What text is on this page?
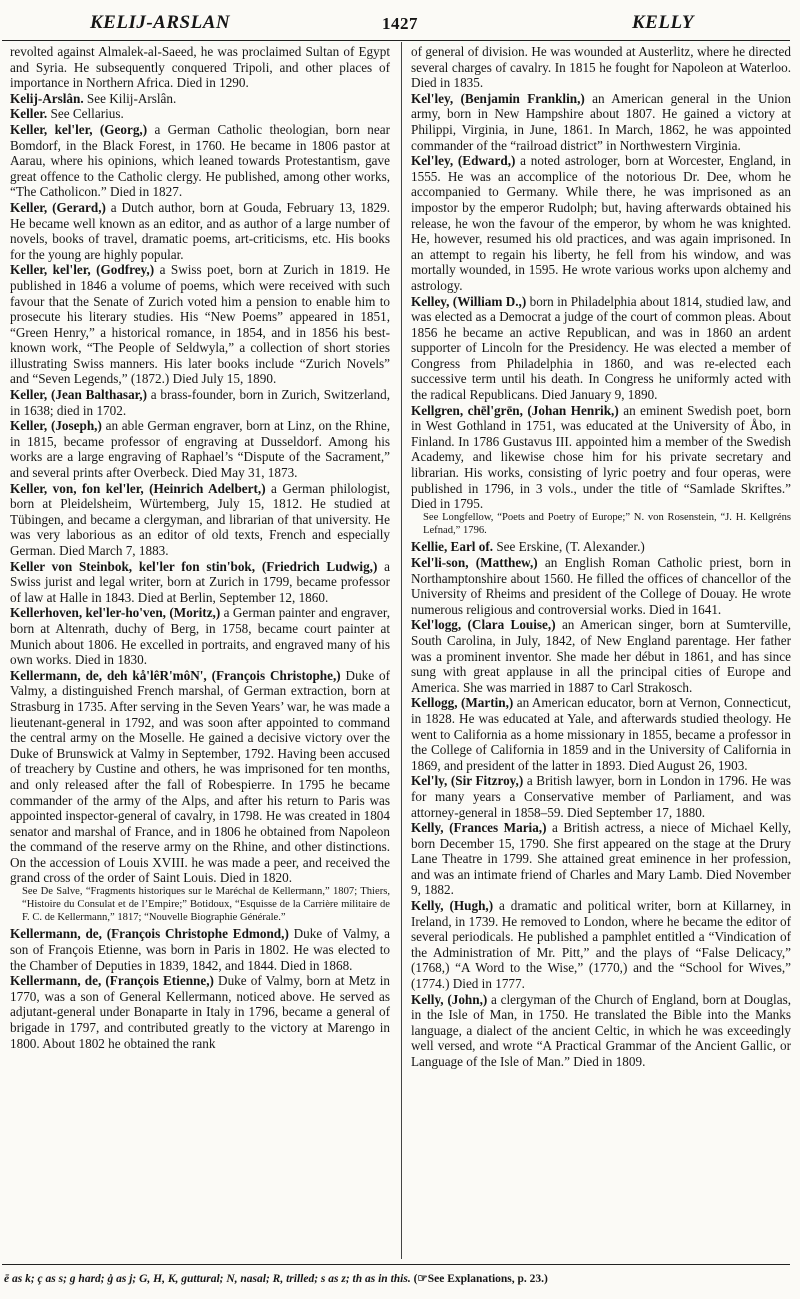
KELIJ-ARSLAN	1427	KELLY

revolted against Almalek-al-Saeed, he was proclaimed Sultan of Egypt and Syria. He subsequently conquered Tripoli, and other places of importance in Northern Africa. Died in 1290.

Kelij-Arslân. See Kilij-Arslân.

Keller. See Cellarius.

Keller, kel'ler, (Georg,) a German Catholic theologian, born near Bomdorf, in the Black Forest, in 1760. He became in 1806 pastor at Aarau, where his opinions, which leaned towards Protestantism, gave great offence to the Catholic clergy. He published, among other works, “The Catholicon.” Died in 1827.

Keller, (Gerard,) a Dutch author, born at Gouda, February 13, 1829. He became well known as an editor, and as author of a large number of novels, books of travel, dramatic poems, art-criticisms, etc. His books for the young are highly popular.

Keller, kel'ler, (Godfrey,) a Swiss poet, born at Zurich in 1819. He published in 1846 a volume of poems, which were received with such favour that the Senate of Zurich voted him a pension to enable him to prosecute his literary studies. His “New Poems” appeared in 1851, “Green Henry,” a historical romance, in 1854, and in 1856 his best-known work, “The People of Seldwyla,” a collection of short stories illustrating Swiss manners. His later books include “Zurich Novels” and “Seven Legends,” (1872.) Died July 15, 1890.

Keller, (Jean Balthasar,) a brass-founder, born in Zurich, Switzerland, in 1638; died in 1702.

Keller, (Joseph,) an able German engraver, born at Linz, on the Rhine, in 1815, became professor of engraving at Dusseldorf. Among his works are a large engraving of Raphael’s “Dispute of the Sacrament,” and several prints after Overbeck. Died May 31, 1873.

Keller, von, fon kel'ler, (Heinrich Adelbert,) a German philologist, born at Pleidelsheim, Würtemberg, July 15, 1812. He studied at Tübingen, and became a clergyman, and librarian of that university. He was very laborious as an editor of old texts, French and especially German. Died March 7, 1883.

Keller von Steinbok, kel'ler fon stin'bok, (Friedrich Ludwig,) a Swiss jurist and legal writer, born at Zurich in 1799, became professor of law at Halle in 1843. Died at Berlin, September 12, 1860.

Kellerhoven, kel'ler-ho'ven, (Moritz,) a German painter and engraver, born at Altenrath, duchy of Berg, in 1758, became court painter at Munich about 1806. He excelled in portraits, and engraved many of his own works. Died in 1830.

Kellermann, de, deh kå'lêR'môN', (François Christophe,) Duke of Valmy, a distinguished French marshal, of German extraction, born at Strasburg in 1735. After serving in the Seven Years’ war, he was made a lieutenant-general in 1792, and was soon after appointed to command the central army on the Moselle. He gained a decisive victory over the Duke of Brunswick at Valmy in September, 1792. Having been accused of treachery by Custine and others, he was imprisoned for ten months, and only released after the fall of Robespierre. In 1795 he became commander of the army of the Alps, and after his return to Paris was appointed inspector-general of cavalry, in 1798. He was created in 1804 senator and marshal of France, and in 1806 he obtained from Napoleon the command of the reserve army on the Rhine, and other distinctions. On the accession of Louis XVIII. he was made a peer, and received the grand cross of the order of Saint Louis. Died in 1820.

See De Salve, “Fragments historiques sur le Maréchal de Kellermann,” 1807; Thiers, “Histoire du Consulat et de l’Empire;” Botidoux, “Esquisse de la Carrière militaire de F. C. de Kellermann,” 1817; “Nouvelle Biographie Générale.”

Kellermann, de, (François Christophe Edmond,) Duke of Valmy, a son of François Etienne, was born in Paris in 1802. He was elected to the Chamber of Deputies in 1839, 1842, and 1844. Died in 1868.

Kellermann, de, (François Etienne,) Duke of Valmy, born at Metz in 1770, was a son of General Kellermann, noticed above. He served as adjutant-general under Bonaparte in Italy in 1796, became a general of brigade in 1797, and contributed greatly to the victory at Marengo in 1800. About 1802 he obtained the rank

of general of division. He was wounded at Austerlitz, where he directed several charges of cavalry. In 1815 he fought for Napoleon at Waterloo. Died in 1835.

Kel'ley, (Benjamin Franklin,) an American general in the Union army, born in New Hampshire about 1807. He gained a victory at Philippi, Virginia, in June, 1861. In March, 1862, he was appointed commander of the “railroad district” in Northwestern Virginia.

Kel'ley, (Edward,) a noted astrologer, born at Worcester, England, in 1555. He was an accomplice of the notorious Dr. Dee, whom he accompanied to Germany. While there, he was imprisoned as an impostor by the emperor Rudolph; but, having afterwards obtained his release, he won the favour of the emperor, by whom he was knighted. He, however, resumed his old practices, and was again imprisoned. In an attempt to regain his liberty, he fell from his window, and was mortally wounded, in 1595. He wrote various works upon alchemy and astrology.

Kelley, (William D.,) born in Philadelphia about 1814, studied law, and was elected as a Democrat a judge of the court of common pleas. About 1856 he became an active Republican, and was in 1860 an ardent supporter of Lincoln for the Presidency. He was elected a member of Congress from Philadelphia in 1860, and was re-elected each successive term until his death. In Congress he uniformly acted with the radical Republicans. Died January 9, 1890.

Kellgren, chēl'grēn, (Johan Henrik,) an eminent Swedish poet, born in West Gothland in 1751, was educated at the University of Åbo, in Finland. In 1786 Gustavus III. appointed him a member of the Swedish Academy, and likewise chose him for his private secretary and librarian. His works, consisting of lyric poetry and four operas, were published in 1796, in 3 vols., under the title of “Samlade Skriftes.” Died in 1795.

See Longfellow, “Poets and Poetry of Europe;” N. von Rosenstein, “J. H. Kellgréns Lefnad,” 1796.

Kellie, Earl of. See Erskine, (T. Alexander.)

Kel'li-son, (Matthew,) an English Roman Catholic priest, born in Northamptonshire about 1560. He filled the offices of chancellor of the University of Rheims and president of the College of Douay. He wrote numerous religious and controversial works. Died in 1641.

Kel'logg, (Clara Louise,) an American singer, born at Sumterville, South Carolina, in July, 1842, of New England parentage. Her father was a prominent inventor. She made her début in 1861, and has since sung with great applause in all the principal cities of Europe and America. She was married in 1887 to Carl Strakosch.

Kellogg, (Martin,) an American educator, born at Vernon, Connecticut, in 1828. He was educated at Yale, and afterwards studied theology. He went to California as a home missionary in 1855, became a professor in the College of California in 1859 and in the University of California in 1869, and president of the latter in 1893. Died August 26, 1903.

Kel'ly, (Sir Fitzroy,) a British lawyer, born in London in 1796. He was for many years a Conservative member of Parliament, and was attorney-general in 1858–59. Died September 17, 1880.

Kelly, (Frances Maria,) a British actress, a niece of Michael Kelly, born December 15, 1790. She first appeared on the stage at the Drury Lane Theatre in 1799. She attained great eminence in her profession, and was an intimate friend of Charles and Mary Lamb. Died November 9, 1882.

Kelly, (Hugh,) a dramatic and political writer, born at Killarney, in Ireland, in 1739. He removed to London, where he became the editor of several periodicals. He published a pamphlet entitled a “Vindication of the Administration of Mr. Pitt,” and the plays of “False Delicacy,” (1768,) “A Word to the Wise,” (1770,) and the “School for Wives,” (1774.) Died in 1777.

Kelly, (John,) a clergyman of the Church of England, born at Douglas, in the Isle of Man, in 1750. He translated the Bible into the Manks language, a dialect of the ancient Celtic, in which he was exceedingly well versed, and wrote “A Practical Grammar of the Ancient Gallic, or Language of the Isle of Man.” Died in 1809.

ē as k; ç as s; g hard; ġ as j; G, H, K, guttural; N, nasal; R, trilled; s as z; th as in this. (☞See Explanations, p. 23.)
